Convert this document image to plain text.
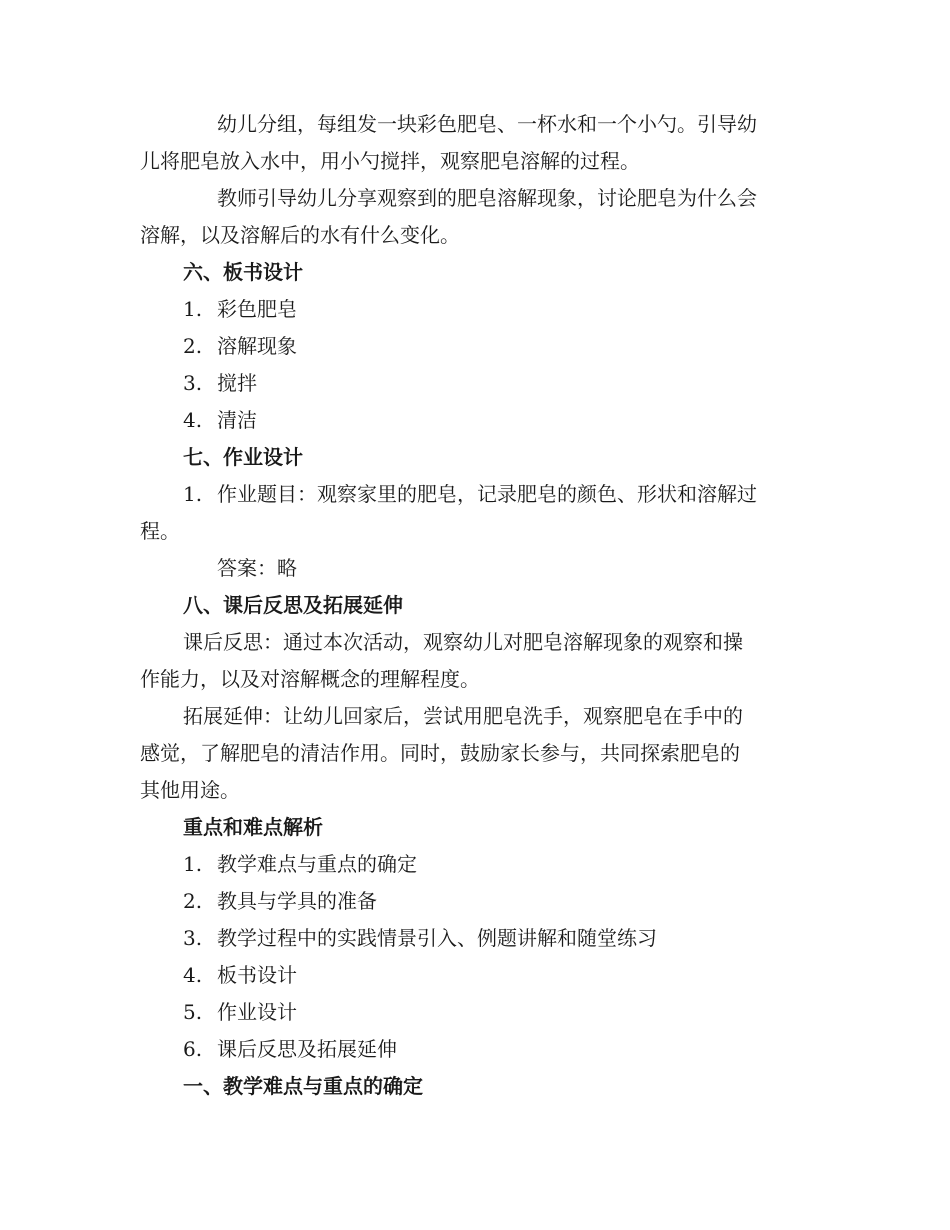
幼儿分组，每组发一块彩色肥皂、一杯水和一个小勺。引导幼
儿将肥皂放入水中，用小勺搅拌，观察肥皂溶解的过程。
教师引导幼儿分享观察到的肥皂溶解现象，讨论肥皂为什么会
溶解，以及溶解后的水有什么变化。
六、板书设计
1. 彩色肥皂
2. 溶解现象
3. 搅拌
4. 清洁
七、作业设计
1. 作业题目：观察家里的肥皂，记录肥皂的颜色、形状和溶解过
程。
答案：略
八、课后反思及拓展延伸
课后反思：通过本次活动，观察幼儿对肥皂溶解现象的观察和操
作能力，以及对溶解概念的理解程度。
拓展延伸：让幼儿回家后，尝试用肥皂洗手，观察肥皂在手中的
感觉，了解肥皂的清洁作用。同时，鼓励家长参与，共同探索肥皂的
其他用途。
重点和难点解析
1. 教学难点与重点的确定
2. 教具与学具的准备
3. 教学过程中的实践情景引入、例题讲解和随堂练习
4. 板书设计
5. 作业设计
6. 课后反思及拓展延伸
一、教学难点与重点的确定
